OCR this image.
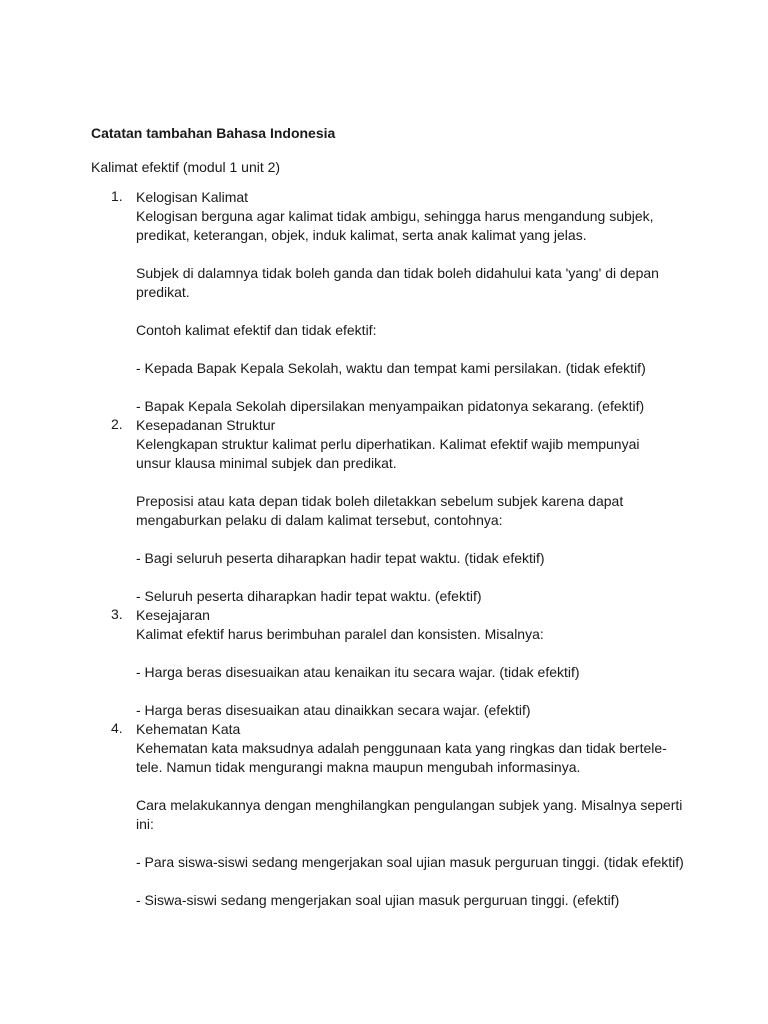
Catatan tambahan Bahasa Indonesia
Kalimat efektif (modul 1 unit 2)
1. Kelogisan Kalimat
Kelogisan berguna agar kalimat tidak ambigu, sehingga harus mengandung subjek,
predikat, keterangan, objek, induk kalimat, serta anak kalimat yang jelas.
Subjek di dalamnya tidak boleh ganda dan tidak boleh didahului kata 'yang' di depan
predikat.
Contoh kalimat efektif dan tidak efektif:
- Kepada Bapak Kepala Sekolah, waktu dan tempat kami persilakan. (tidak efektif)
- Bapak Kepala Sekolah dipersilakan menyampaikan pidatonya sekarang. (efektif)
2. Kesepadanan Struktur
Kelengkapan struktur kalimat perlu diperhatikan. Kalimat efektif wajib mempunyai
unsur klausa minimal subjek dan predikat.
Preposisi atau kata depan tidak boleh diletakkan sebelum subjek karena dapat
mengaburkan pelaku di dalam kalimat tersebut, contohnya:
- Bagi seluruh peserta diharapkan hadir tepat waktu. (tidak efektif)
- Seluruh peserta diharapkan hadir tepat waktu. (efektif)
3. Kesejajaran
Kalimat efektif harus berimbuhan paralel dan konsisten. Misalnya:
- Harga beras disesuaikan atau kenaikan itu secara wajar. (tidak efektif)
- Harga beras disesuaikan atau dinaikkan secara wajar. (efektif)
4. Kehematan Kata
Kehematan kata maksudnya adalah penggunaan kata yang ringkas dan tidak bertele-
tele. Namun tidak mengurangi makna maupun mengubah informasinya.
Cara melakukannya dengan menghilangkan pengulangan subjek yang. Misalnya seperti
ini:
- Para siswa-siswi sedang mengerjakan soal ujian masuk perguruan tinggi. (tidak efektif)
- Siswa-siswi sedang mengerjakan soal ujian masuk perguruan tinggi. (efektif)
